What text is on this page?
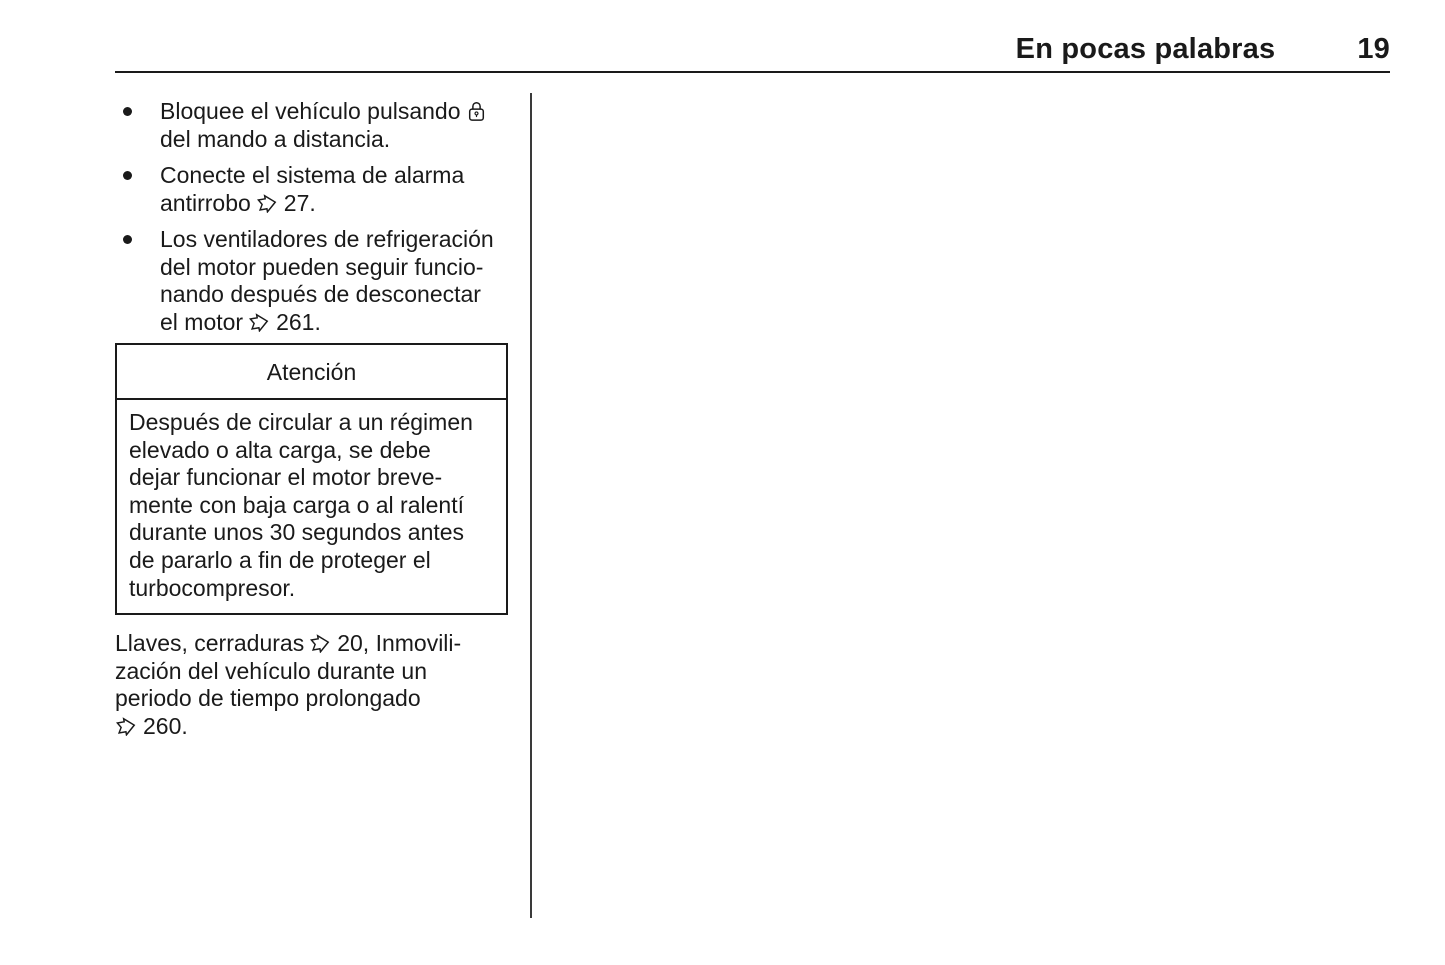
En pocas palabras	19
Bloquee el vehículo pulsando
del mando a distancia.
Conecte el sistema de alarma
antirrobo 27.
Los ventiladores de refrigeración
del motor pueden seguir funcio-
nando después de desconectar
el motor 261.
Atención
Después de circular a un régimen
elevado o alta carga, se debe
dejar funcionar el motor breve-
mente con baja carga o al ralentí
durante unos 30 segundos antes
de pararlo a fin de proteger el
turbocompresor.
Llaves, cerraduras 20, Inmovili-
zación del vehículo durante un
periodo de tiempo prolongado
260.
